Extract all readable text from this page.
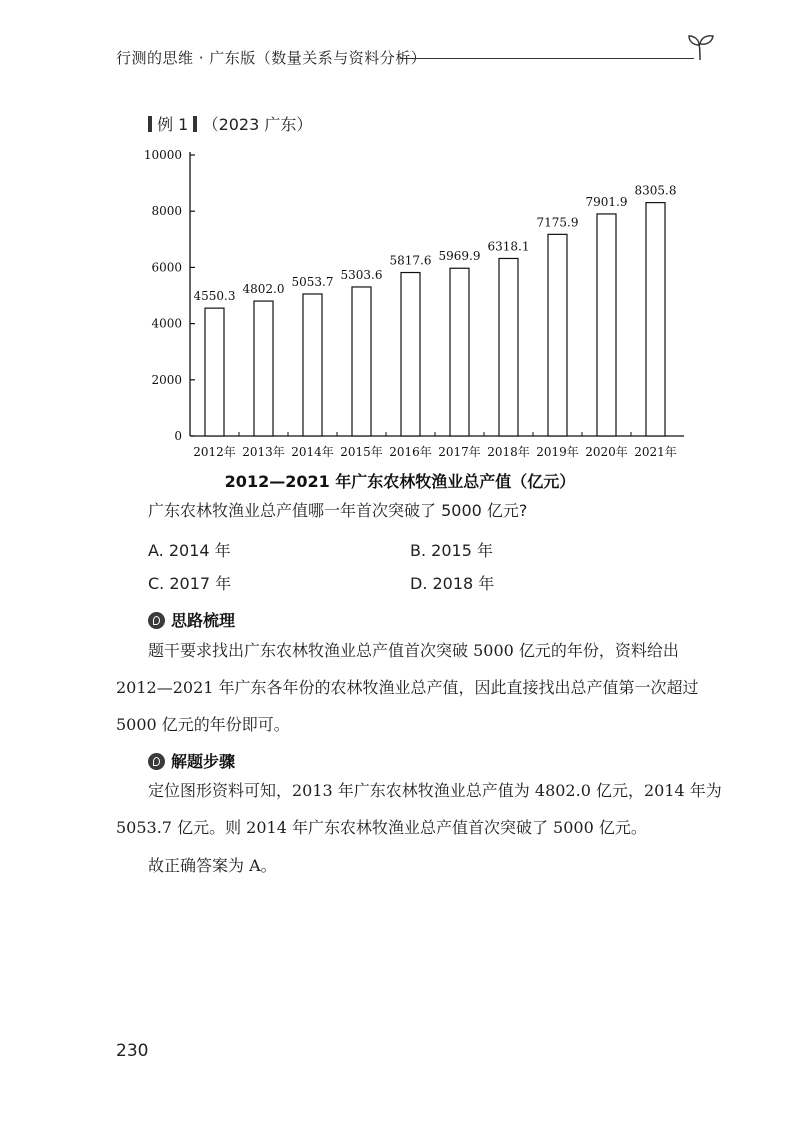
行测的思维 · 广东版（数量关系与资料分析）
例 1 （2023 广东）
0
2000
4000
6000
8000
10000
2012年 2013年 2014年 2015年 2016年 2017年 2018年 2019年 2020年 2021年
4550.3
4802.0
5053.7
5303.6
5817.6 5969.9
6318.1
7175.9
7901.9
8305.8
2012—2021 年广东农林牧渔业总产值（亿元）
广东农林牧渔业总产值哪一年首次突破了 5000 亿元?
A. 2014 年	B. 2015 年
C. 2017 年	D. 2018 年
思路梳理
题干要求找出广东农林牧渔业总产值首次突破 5000 亿元的年份，资料给出
2012—2021 年广东各年份的农林牧渔业总产值，因此直接找出总产值第一次超过
5000 亿元的年份即可。
解题步骤
定位图形资料可知，2013 年广东农林牧渔业总产值为 4802.0 亿元，2014 年为
5053.7 亿元。则 2014 年广东农林牧渔业总产值首次突破了 5000 亿元。
故正确答案为 A。
230
